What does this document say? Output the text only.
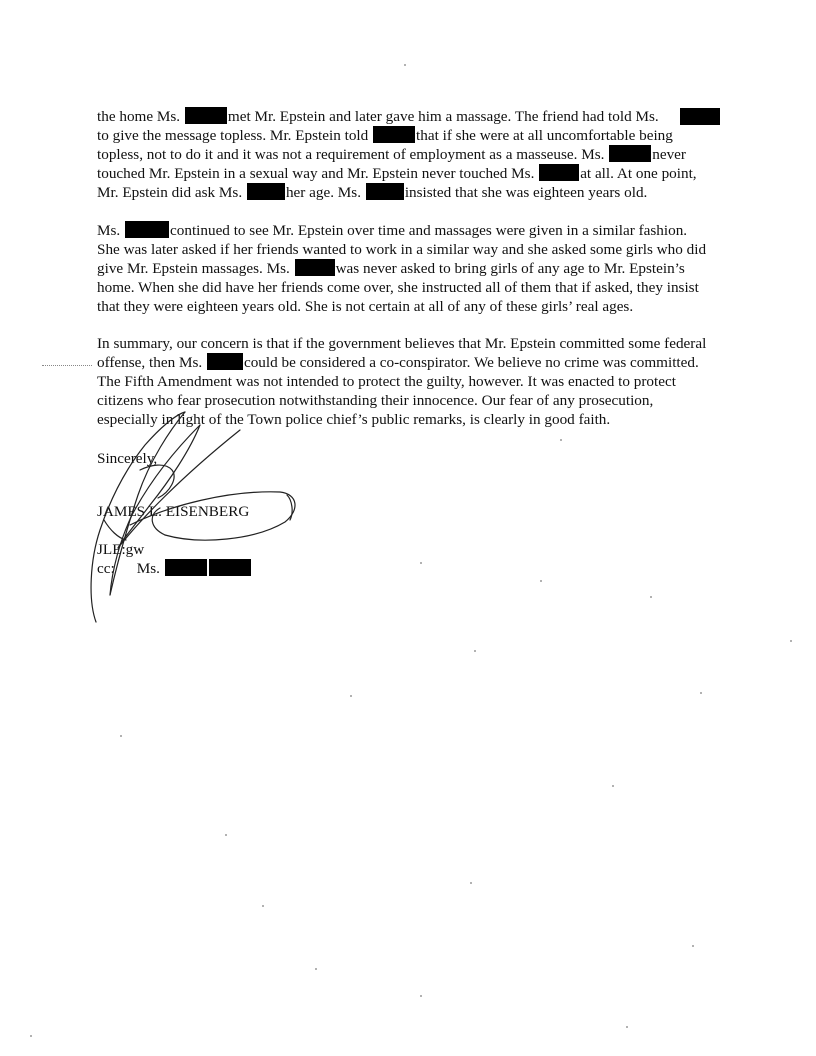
the home Ms.	met Mr. Epstein and later gave him a massage. The friend had told Ms.
to give the message topless. Mr. Epstein told	that if she were at all uncomfortable being
topless, not to do it and it was not a requirement of employment as a masseuse. Ms.	never
touched Mr. Epstein in a sexual way and Mr. Epstein never touched Ms.	at all. At one point,
Mr. Epstein did ask Ms.	her age. Ms.	insisted that she was eighteen years old.
Ms.	continued to see Mr. Epstein over time and massages were given in a similar fashion.
She was later asked if her friends wanted to work in a similar way and she asked some girls who did
give Mr. Epstein massages. Ms.	was never asked to bring girls of any age to Mr. Epstein’s
home. When she did have her friends come over, she instructed all of them that if asked, they insist
that they were eighteen years old. She is not certain at all of any of these girls’ real ages.
In summary, our concern is that if the government believes that Mr. Epstein committed some federal
offense, then Ms.	could be considered a co-conspirator. We believe no crime was committed.
The Fifth Amendment was not intended to protect the guilty, however. It was enacted to protect
citizens who fear prosecution notwithstanding their innocence. Our fear of any prosecution,
especially in light of the Town police chief’s public remarks, is clearly in good faith.
Sincerely,
JAMES L. EISENBERG
JLE:gw
cc: Ms.
